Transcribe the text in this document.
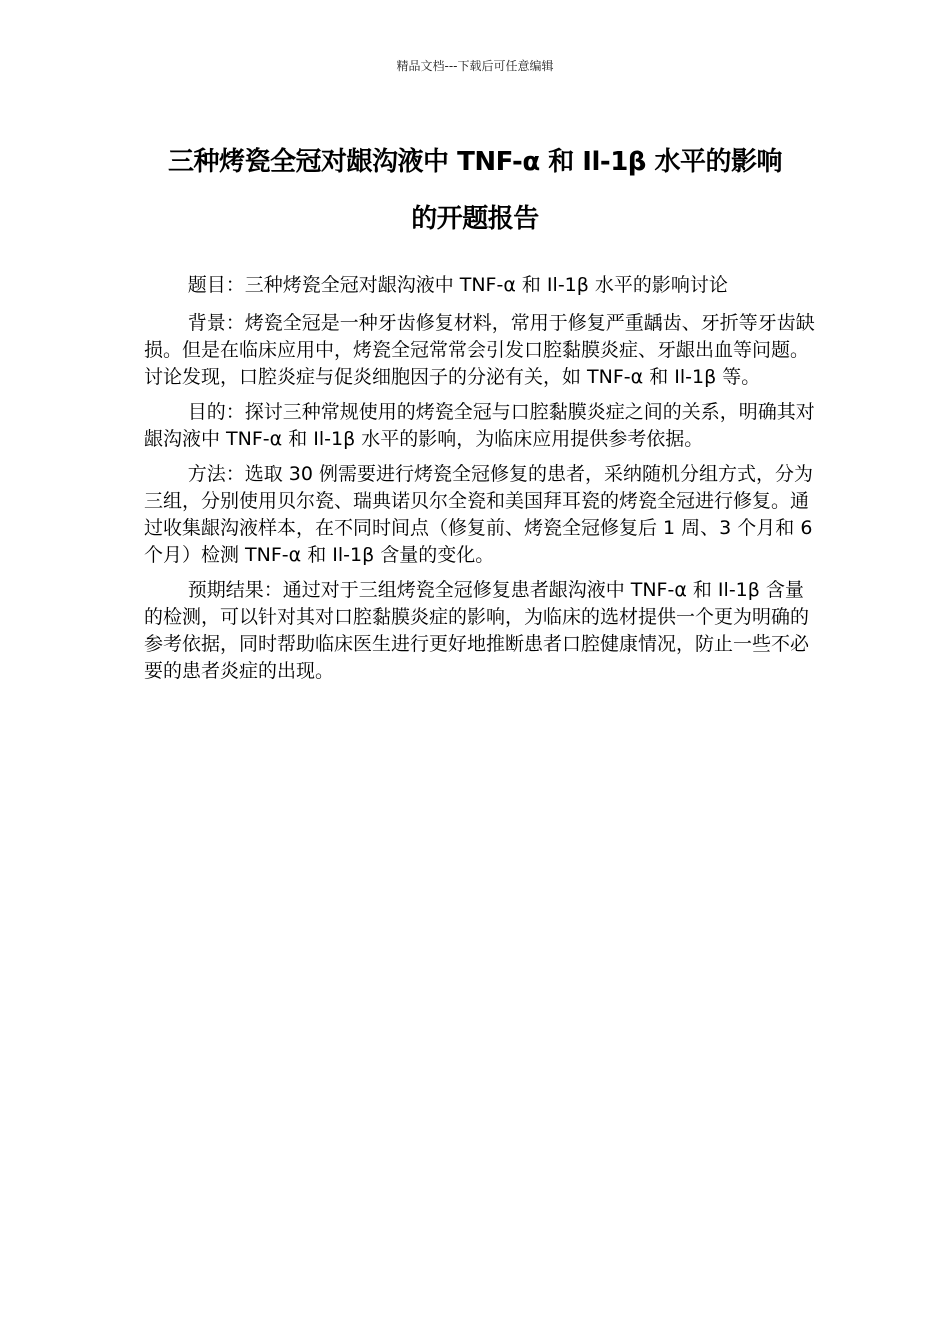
精品文档---下载后可任意编辑
三种烤瓷全冠对龈沟液中 TNF-α 和 Il-1β 水平的影响
的开题报告

题目：三种烤瓷全冠对龈沟液中 TNF-α 和 Il-1β 水平的影响讨论

背景：烤瓷全冠是一种牙齿修复材料，常用于修复严重龋齿、牙折等牙齿缺损。但是在临床应用中，烤瓷全冠常常会引发口腔黏膜炎症、牙龈出血等问题。讨论发现，口腔炎症与促炎细胞因子的分泌有关，如 TNF-α 和 Il-1β 等。

目的：探讨三种常规使用的烤瓷全冠与口腔黏膜炎症之间的关系，明确其对龈沟液中 TNF-α 和 Il-1β 水平的影响，为临床应用提供参考依据。

方法：选取 30 例需要进行烤瓷全冠修复的患者，采纳随机分组方式，分为三组，分别使用贝尔瓷、瑞典诺贝尔全瓷和美国拜耳瓷的烤瓷全冠进行修复。通过收集龈沟液样本，在不同时间点（修复前、烤瓷全冠修复后 1 周、3 个月和 6 个月）检测 TNF-α 和 Il-1β 含量的变化。

预期结果：通过对于三组烤瓷全冠修复患者龈沟液中 TNF-α 和 Il-1β 含量的检测，可以针对其对口腔黏膜炎症的影响，为临床的选材提供一个更为明确的参考依据，同时帮助临床医生进行更好地推断患者口腔健康情况，防止一些不必要的患者炎症的出现。
